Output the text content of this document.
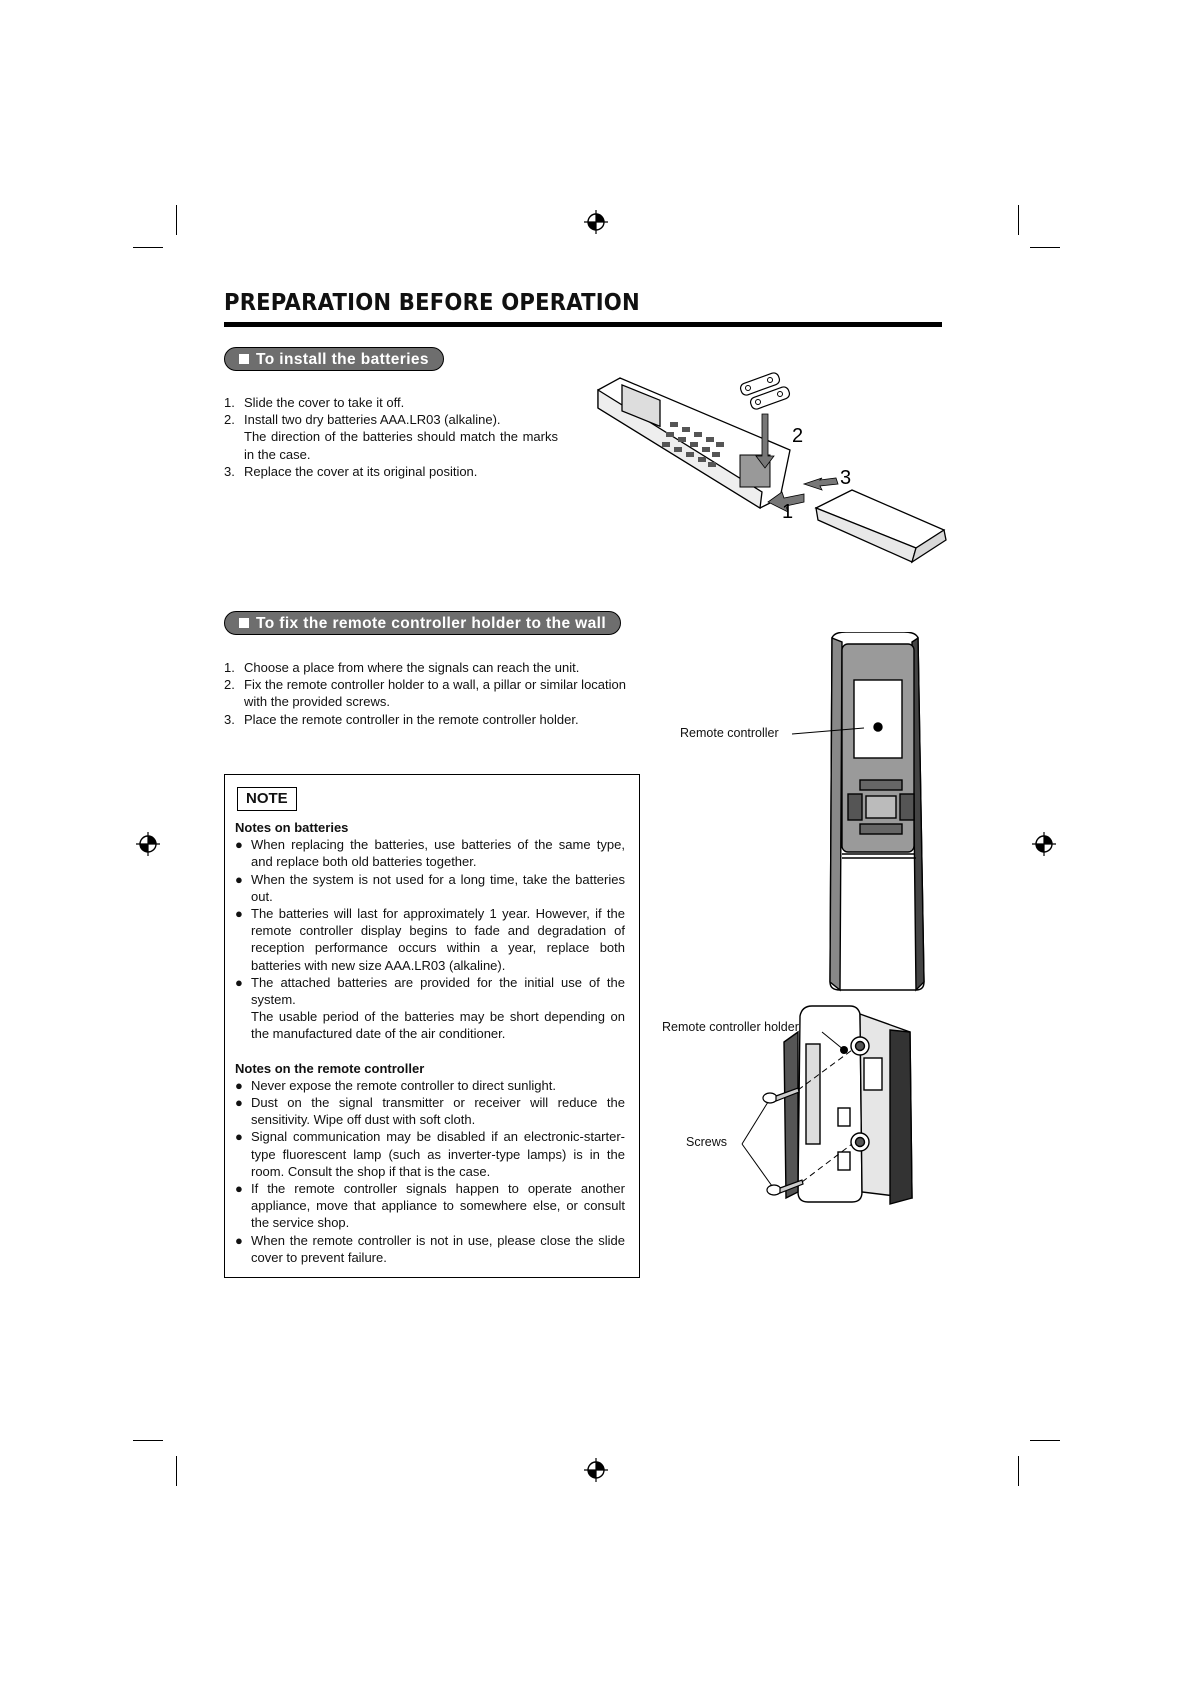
PREPARATION BEFORE OPERATION
To install the batteries
1. Slide the cover to take it off.
2. Install two dry batteries AAA.LR03 (alkaline).
The direction of the batteries should match the marks in the case.
3. Replace the cover at its original position.
1
2
3
To fix the remote controller holder to the wall
1. Choose a place from where the signals can reach the unit.
2. Fix the remote controller holder to a wall, a pillar or similar location with the provided screws.
3. Place the remote controller in the remote controller holder.
Remote controller
Remote controller holder
Screws
NOTE
Notes on batteries
● When replacing the batteries, use batteries of the same type, and replace both old batteries together.
● When the system is not used for a long time, take the batteries out.
● The batteries will last for approximately 1 year. However, if the remote controller display begins to fade and degradation of reception performance occurs within a year, replace both batteries with new size AAA.LR03 (alkaline).
● The attached batteries are provided for the initial use of the system.
The usable period of the batteries may be short depending on the manufactured date of the air conditioner.
Notes on the remote controller
● Never expose the remote controller to direct sunlight.
● Dust on the signal transmitter or receiver will reduce the sensitivity. Wipe off dust with soft cloth.
● Signal communication may be disabled if an electronic-starter-type fluorescent lamp (such as inverter-type lamps) is in the room. Consult the shop if that is the case.
● If the remote controller signals happen to operate another appliance, move that appliance to somewhere else, or consult the service shop.
● When the remote controller is not in use, please close the slide cover to prevent failure.
